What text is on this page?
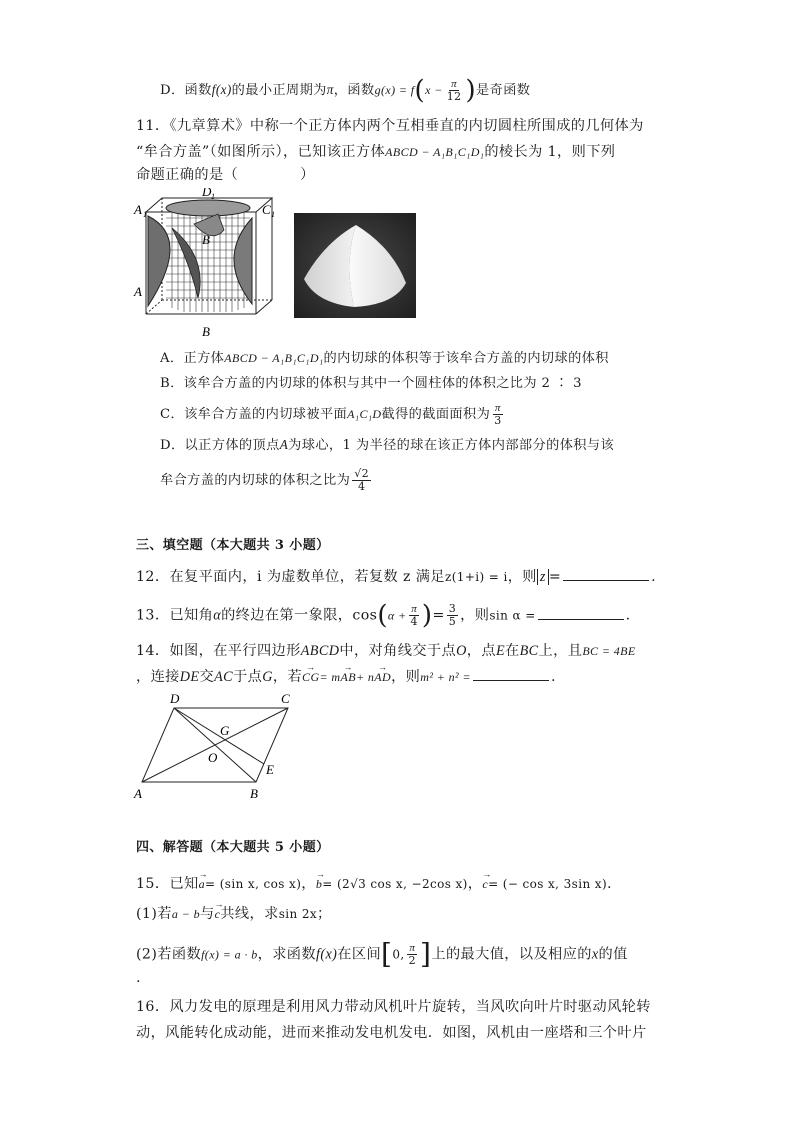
D．函数f(x)的最小正周期为π，函数$g(x) = f(x - \frac{\pi}{12}$ )是奇函数
11．《九章算术》中称一个正方体内两个互相垂直的内切圆柱所围成的几何体为
“牟合方盖”（如图所示），已知该正方体ABCD − A₁B₁C₁D₁的棱长为 1，则下列
命题正确的是（	）
D 1
A 1	C 1
B
A
B
A．正方体ABCD − A₁B₁C₁D₁的内切球的体积等于该牟合方盖的内切球的体积
B．该牟合方盖的内切球的体积与其中一个圆柱体的体积之比为 2 ∶ 3
C．该牟合方盖的内切球被平面A₁C₁D截得的截面面积为 $\frac{\pi}{3}$
D．以正方体的顶点A为球心，1 为半径的球在该正方体内部部分的体积与该
牟合方盖的内切球的体积之比为 $\frac{√2}{4}$
三、填空题（本大题共 3 小题）
12．在复平面内，i 为虚数单位，若复数 z 满足z(1+i) = i，则 z =	.
13．已知角α的终边在第一象限，$\cos(\alpha + \frac{\pi}{4}$ )= $\frac{3}{5}$ ，则sin α =	.
14．如图，在平行四边形ABCD中，对角线交于点O，点E在BC上，且BC = 4BE
，连接DE交AC于点G，若→ CG= m→ AB+ n→ AD，则m² + n² =	.
D	C
G
O
E
A	B
四、解答题（本大题共 5 小题）
15．已知→ a= (sin x, cos x)，→ b= (2√3 cos x, −2cos x)，→ c= (− cos x, 3sin x).
(1)若a − b与→ c共线，求sin 2x；
(2)若函数f(x) = a · b，求函数f(x)在区间[0, $\frac{\pi}{2}$ ]上的最大值，以及相应的x的值
.
16．风力发电的原理是利用风力带动风机叶片旋转，当风吹向叶片时驱动风轮转
动，风能转化成动能，进而来推动发电机发电．如图，风机由一座塔和三个叶片
